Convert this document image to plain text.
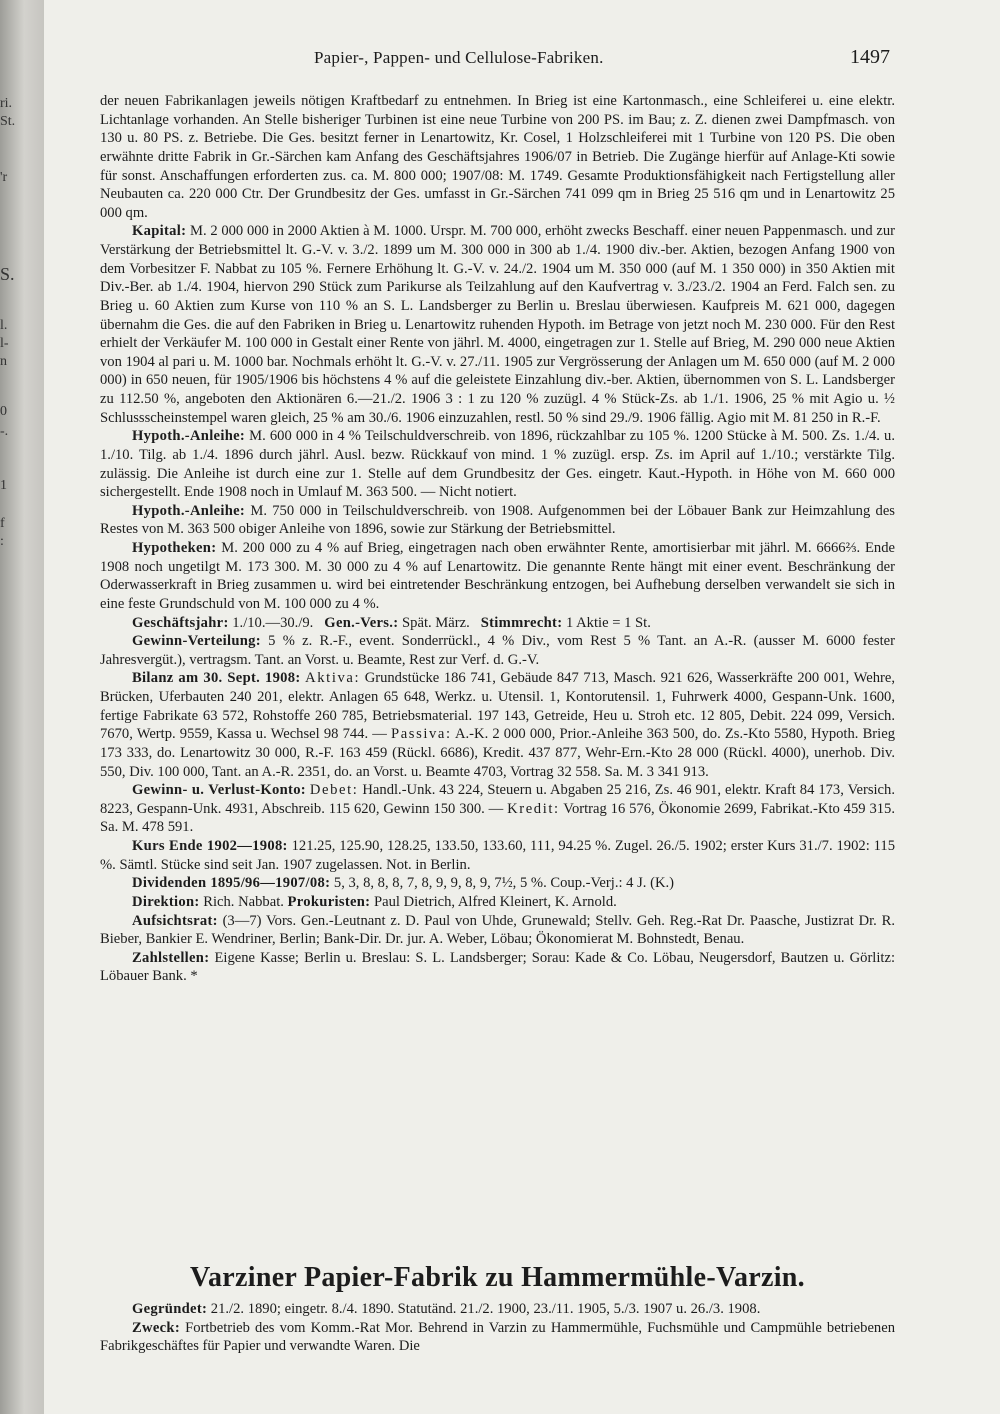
ri.
St.
'r
S.
l.
l-
n
0
-.
1
f
:
Papier-, Pappen- und Cellulose-Fabriken.	1497

der neuen Fabrikanlagen jeweils nötigen Kraftbedarf zu entnehmen. In Brieg ist eine Kartonmasch., eine Schleiferei u. eine elektr. Lichtanlage vorhanden. An Stelle bisheriger Turbinen ist eine neue Turbine von 200 PS. im Bau; z. Z. dienen zwei Dampfmasch. von 130 u. 80 PS. z. Betriebe. Die Ges. besitzt ferner in Lenartowitz, Kr. Cosel, 1 Holzschleiferei mit 1 Turbine von 120 PS. Die oben erwähnte dritte Fabrik in Gr.-Särchen kam Anfang des Geschäftsjahres 1906/07 in Betrieb. Die Zugänge hierfür auf Anlage-Kti sowie für sonst. Anschaffungen erforderten zus. ca. M. 800 000; 1907/08: M. 1749. Gesamte Produktionsfähigkeit nach Fertigstellung aller Neubauten ca. 220 000 Ctr. Der Grundbesitz der Ges. umfasst in Gr.-Särchen 741 099 qm in Brieg 25 516 qm und in Lenartowitz 25 000 qm.

Kapital: M. 2 000 000 in 2000 Aktien à M. 1000. Urspr. M. 700 000, erhöht zwecks Beschaff. einer neuen Pappenmasch. und zur Verstärkung der Betriebsmittel lt. G.-V. v. 3./2. 1899 um M. 300 000 in 300 ab 1./4. 1900 div.-ber. Aktien, bezogen Anfang 1900 von dem Vorbesitzer F. Nabbat zu 105 %. Fernere Erhöhung lt. G.-V. v. 24./2. 1904 um M. 350 000 (auf M. 1 350 000) in 350 Aktien mit Div.-Ber. ab 1./4. 1904, hiervon 290 Stück zum Parikurse als Teilzahlung auf den Kaufvertrag v. 3./23./2. 1904 an Ferd. Falch sen. zu Brieg u. 60 Aktien zum Kurse von 110 % an S. L. Landsberger zu Berlin u. Breslau überwiesen. Kaufpreis M. 621 000, dagegen übernahm die Ges. die auf den Fabriken in Brieg u. Lenartowitz ruhenden Hypoth. im Betrage von jetzt noch M. 230 000. Für den Rest erhielt der Verkäufer M. 100 000 in Gestalt einer Rente von jährl. M. 4000, eingetragen zur 1. Stelle auf Brieg, M. 290 000 neue Aktien von 1904 al pari u. M. 1000 bar. Nochmals erhöht lt. G.-V. v. 27./11. 1905 zur Vergrösserung der Anlagen um M. 650 000 (auf M. 2 000 000) in 650 neuen, für 1905/1906 bis höchstens 4 % auf die geleistete Einzahlung div.-ber. Aktien, übernommen von S. L. Landsberger zu 112.50 %, angeboten den Aktionären 6.—21./2. 1906 3 : 1 zu 120 % zuzügl. 4 % Stück-Zs. ab 1./1. 1906, 25 % mit Agio u. ½ Schlussscheinstempel waren gleich, 25 % am 30./6. 1906 einzuzahlen, restl. 50 % sind 29./9. 1906 fällig. Agio mit M. 81 250 in R.-F.

Hypoth.-Anleihe: M. 600 000 in 4 % Teilschuldverschreib. von 1896, rückzahlbar zu 105 %. 1200 Stücke à M. 500. Zs. 1./4. u. 1./10. Tilg. ab 1./4. 1896 durch jährl. Ausl. bezw. Rückkauf von mind. 1 % zuzügl. ersp. Zs. im April auf 1./10.; verstärkte Tilg. zulässig. Die Anleihe ist durch eine zur 1. Stelle auf dem Grundbesitz der Ges. eingetr. Kaut.-Hypoth. in Höhe von M. 660 000 sichergestellt. Ende 1908 noch in Umlauf M. 363 500. — Nicht notiert.

Hypoth.-Anleihe: M. 750 000 in Teilschuldverschreib. von 1908. Aufgenommen bei der Löbauer Bank zur Heimzahlung des Restes von M. 363 500 obiger Anleihe von 1896, sowie zur Stärkung der Betriebsmittel.

Hypotheken: M. 200 000 zu 4 % auf Brieg, eingetragen nach oben erwähnter Rente, amortisierbar mit jährl. M. 6666⅔. Ende 1908 noch ungetilgt M. 173 300. M. 30 000 zu 4 % auf Lenartowitz. Die genannte Rente hängt mit einer event. Beschränkung der Oderwasserkraft in Brieg zusammen u. wird bei eintretender Beschränkung entzogen, bei Aufhebung derselben verwandelt sie sich in eine feste Grundschuld von M. 100 000 zu 4 %.

Geschäftsjahr: 1./10.—30./9. Gen.-Vers.: Spät. März. Stimmrecht: 1 Aktie = 1 St.

Gewinn-Verteilung: 5 % z. R.-F., event. Sonderrückl., 4 % Div., vom Rest 5 % Tant. an A.-R. (ausser M. 6000 fester Jahresvergüt.), vertragsm. Tant. an Vorst. u. Beamte, Rest zur Verf. d. G.-V.

Bilanz am 30. Sept. 1908: Aktiva: Grundstücke 186 741, Gebäude 847 713, Masch. 921 626, Wasserkräfte 200 001, Wehre, Brücken, Uferbauten 240 201, elektr. Anlagen 65 648, Werkz. u. Utensil. 1, Kontorutensil. 1, Fuhrwerk 4000, Gespann-Unk. 1600, fertige Fabrikate 63 572, Rohstoffe 260 785, Betriebsmaterial. 197 143, Getreide, Heu u. Stroh etc. 12 805, Debit. 224 099, Versich. 7670, Wertp. 9559, Kassa u. Wechsel 98 744. — Passiva: A.-K. 2 000 000, Prior.-Anleihe 363 500, do. Zs.-Kto 5580, Hypoth. Brieg 173 333, do. Lenartowitz 30 000, R.-F. 163 459 (Rückl. 6686), Kredit. 437 877, Wehr-Ern.-Kto 28 000 (Rückl. 4000), unerhob. Div. 550, Div. 100 000, Tant. an A.-R. 2351, do. an Vorst. u. Beamte 4703, Vortrag 32 558. Sa. M. 3 341 913.

Gewinn- u. Verlust-Konto: Debet: Handl.-Unk. 43 224, Steuern u. Abgaben 25 216, Zs. 46 901, elektr. Kraft 84 173, Versich. 8223, Gespann-Unk. 4931, Abschreib. 115 620, Gewinn 150 300. — Kredit: Vortrag 16 576, Ökonomie 2699, Fabrikat.-Kto 459 315. Sa. M. 478 591.

Kurs Ende 1902—1908: 121.25, 125.90, 128.25, 133.50, 133.60, 111, 94.25 %. Zugel. 26./5. 1902; erster Kurs 31./7. 1902: 115 %. Sämtl. Stücke sind seit Jan. 1907 zugelassen. Not. in Berlin.

Dividenden 1895/96—1907/08: 5, 3, 8, 8, 8, 7, 8, 9, 9, 8, 9, 7½, 5 %. Coup.-Verj.: 4 J. (K.)

Direktion: Rich. Nabbat. Prokuristen: Paul Dietrich, Alfred Kleinert, K. Arnold.

Aufsichtsrat: (3—7) Vors. Gen.-Leutnant z. D. Paul von Uhde, Grunewald; Stellv. Geh. Reg.-Rat Dr. Paasche, Justizrat Dr. R. Bieber, Bankier E. Wendriner, Berlin; Bank-Dir. Dr. jur. A. Weber, Löbau; Ökonomierat M. Bohnstedt, Benau.

Zahlstellen: Eigene Kasse; Berlin u. Breslau: S. L. Landsberger; Sorau: Kade & Co. Löbau, Neugersdorf, Bautzen u. Görlitz: Löbauer Bank. *

Varziner Papier-Fabrik zu Hammermühle-Varzin.

Gegründet: 21./2. 1890; eingetr. 8./4. 1890. Statutänd. 21./2. 1900, 23./11. 1905, 5./3. 1907 u. 26./3. 1908.

Zweck: Fortbetrieb des vom Komm.-Rat Mor. Behrend in Varzin zu Hammermühle, Fuchsmühle und Campmühle betriebenen Fabrikgeschäftes für Papier und verwandte Waren. Die
